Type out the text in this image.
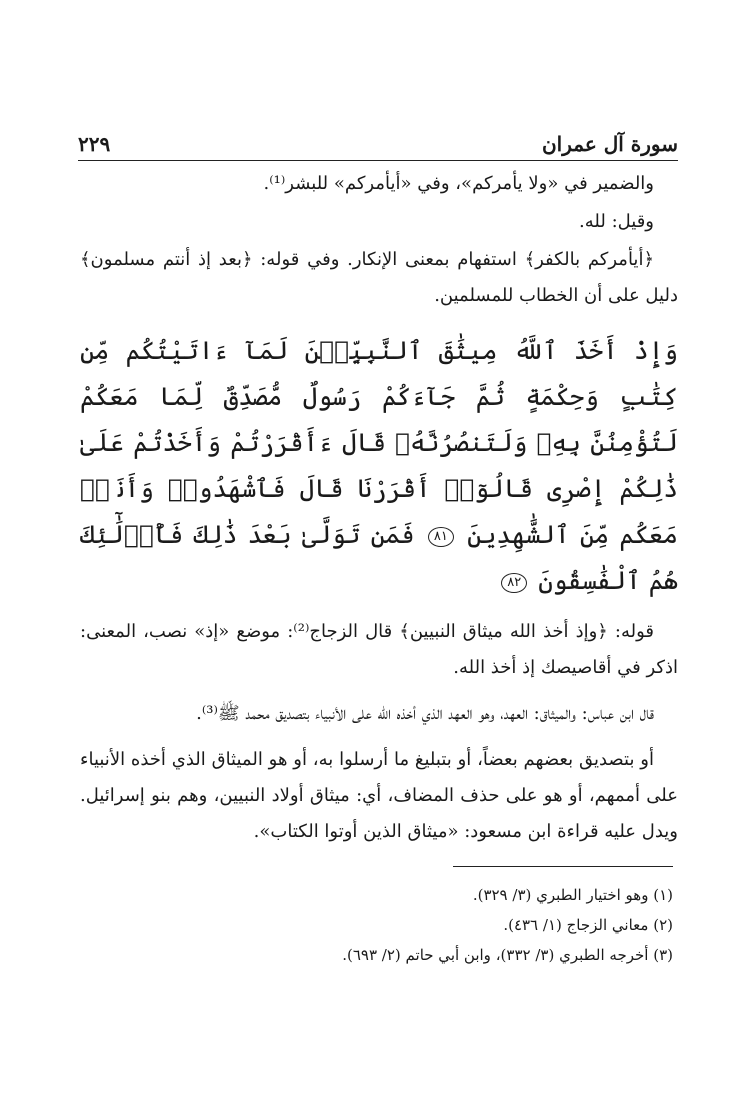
سورة آل عمران
٢٢٩

والضمير في «ولا يأمركم»، وفي «أيأمركم» للبشر⁽¹⁾.

وقيل: لله.

﴿أيأمركم بالكفر﴾ استفهام بمعنى الإنكار. وفي قوله: ﴿بعد إذ أنتم مسلمون﴾ دليل على أن الخطاب للمسلمين.

وَإِذْ أَخَذَ ٱللَّهُ مِيثَٰقَ ٱلنَّبِيِّـۧنَ لَمَآ ءَاتَيْتُكُم مِّن كِتَٰبٍ وَحِكْمَةٍ ثُمَّ جَآءَكُمْ رَسُولٌ مُّصَدِّقٌ لِّمَا مَعَكُمْ لَتُؤْمِنُنَّ بِهِۦ وَلَتَنصُرُنَّهُۥ قَالَ ءَأَقْرَرْتُمْ وَأَخَذْتُمْ عَلَىٰ ذَٰلِكُمْ إِصْرِى قَالُوٓا۟ أَقْرَرْنَا قَالَ فَٱشْهَدُوا۟ وَأَنَا۠ مَعَكُم مِّنَ ٱلشَّٰهِدِينَ ٨١ فَمَن تَوَلَّىٰ بَعْدَ ذَٰلِكَ فَأُو۟لَٰٓئِكَ هُمُ ٱلْفَٰسِقُونَ ٨٢

قوله: ﴿وإذ أخذ الله ميثاق النبيين﴾ قال الزجاج⁽²⁾: موضع «إذ» نصب، المعنى: اذكر في أقاصيصك إذ أخذ الله.

قال ابن عباس: والميثاق: العهد، وهو العهد الذي أخذه الله على الأنبياء بتصديق محمد ﷺ⁽³⁾.

أو بتصديق بعضهم بعضاً، أو بتبليغ ما أرسلوا به، أو هو الميثاق الذي أخذه الأنبياء على أممهم، أو هو على حذف المضاف، أي: ميثاق أولاد النبيين، وهم بنو إسرائيل. ويدل عليه قراءة ابن مسعود: «ميثاق الذين أوتوا الكتاب».

(١) وهو اختيار الطبري (٣/ ٣٢٩).
(٢) معاني الزجاج (١/ ٤٣٦).
(٣) أخرجه الطبري (٣/ ٣٣٢)، وابن أبي حاتم (٢/ ٦٩٣).
